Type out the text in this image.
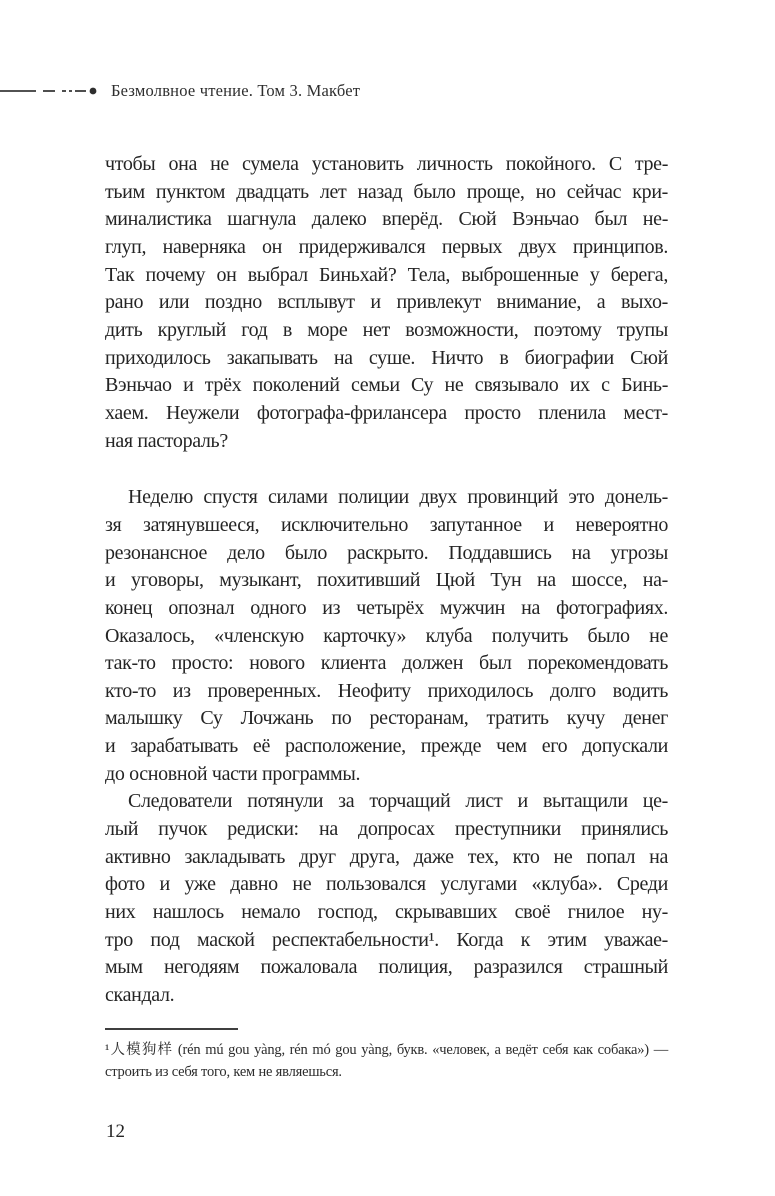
Безмолвное чтение. Том 3. Макбет
чтобы она не сумела установить личность покойного. С тре-
тьим пунктом двадцать лет назад было проще, но сейчас кри-
миналистика шагнула далеко вперёд. Сюй Вэньчао был не-
глуп, наверняка он придерживался первых двух принципов.
Так почему он выбрал Биньхай? Тела, выброшенные у берега,
рано или поздно всплывут и привлекут внимание, а выхо-
дить круглый год в море нет возможности, поэтому трупы
приходилось закапывать на суше. Ничто в биографии Сюй
Вэньчао и трёх поколений семьи Су не связывало их с Бинь-
хаем. Неужели фотографа-фрилансера просто пленила мест-
ная пастораль?
Неделю спустя силами полиции двух провинций это донель-
зя затянувшееся, исключительно запутанное и невероятно
резонансное дело было раскрыто. Поддавшись на угрозы
и уговоры, музыкант, похитивший Цюй Тун на шоссе, на-
конец опознал одного из четырёх мужчин на фотографиях.
Оказалось, «членскую карточку» клуба получить было не
так-то просто: нового клиента должен был порекомендовать
кто-то из проверенных. Неофиту приходилось долго водить
малышку Су Лочжань по ресторанам, тратить кучу денег
и зарабатывать её расположение, прежде чем его допускали
до основной части программы.
Следователи потянули за торчащий лист и вытащили це-
лый пучок редиски: на допросах преступники принялись
активно закладывать друг друга, даже тех, кто не попал на
фото и уже давно не пользовался услугами «клуба». Среди
них нашлось немало господ, скрывавших своё гнилое ну-
тро под маской респектабельности¹. Когда к этим уважае-
мым негодяям пожаловала полиция, разразился страшный
скандал.
¹人模狗样 (rén mú gou yàng, rén mó gou yàng, букв. «человек, а ведёт себя как собака») —
строить из себя того, кем не являешься.
12
